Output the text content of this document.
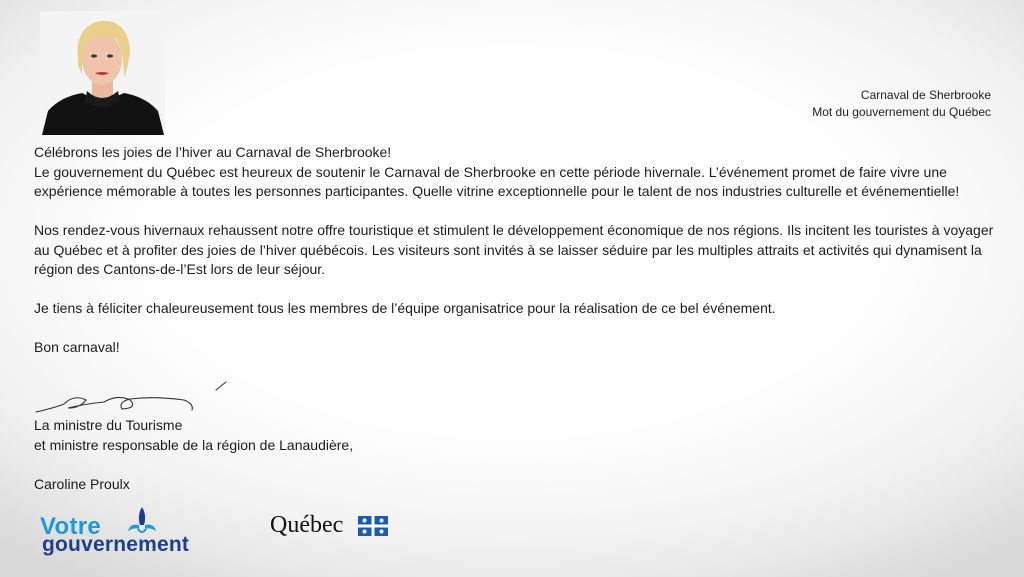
Carnaval de Sherbrooke
Mot du gouvernement du Québec

Célébrons les joies de l’hiver au Carnaval de Sherbrooke!

Le gouvernement du Québec est heureux de soutenir le Carnaval de Sherbrooke en cette période hivernale. L’événement promet de faire vivre une expérience mémorable à toutes les personnes participantes. Quelle vitrine exceptionnelle pour le talent de nos industries culturelle et événementielle!

Nos rendez-vous hivernaux rehaussent notre offre touristique et stimulent le développement économique de nos régions. Ils incitent les touristes à voyager au Québec et à profiter des joies de l’hiver québécois. Les visiteurs sont invités à se laisser séduire par les multiples attraits et activités qui dynamisent la région des Cantons-de-l’Est lors de leur séjour.

Je tiens à féliciter chaleureusement tous les membres de l’équipe organisatrice pour la réalisation de ce bel événement.

Bon carnaval!

La ministre du Tourisme

et ministre responsable de la région de Lanaudière,

Caroline Proulx

Votre
gouvernement
Québec
